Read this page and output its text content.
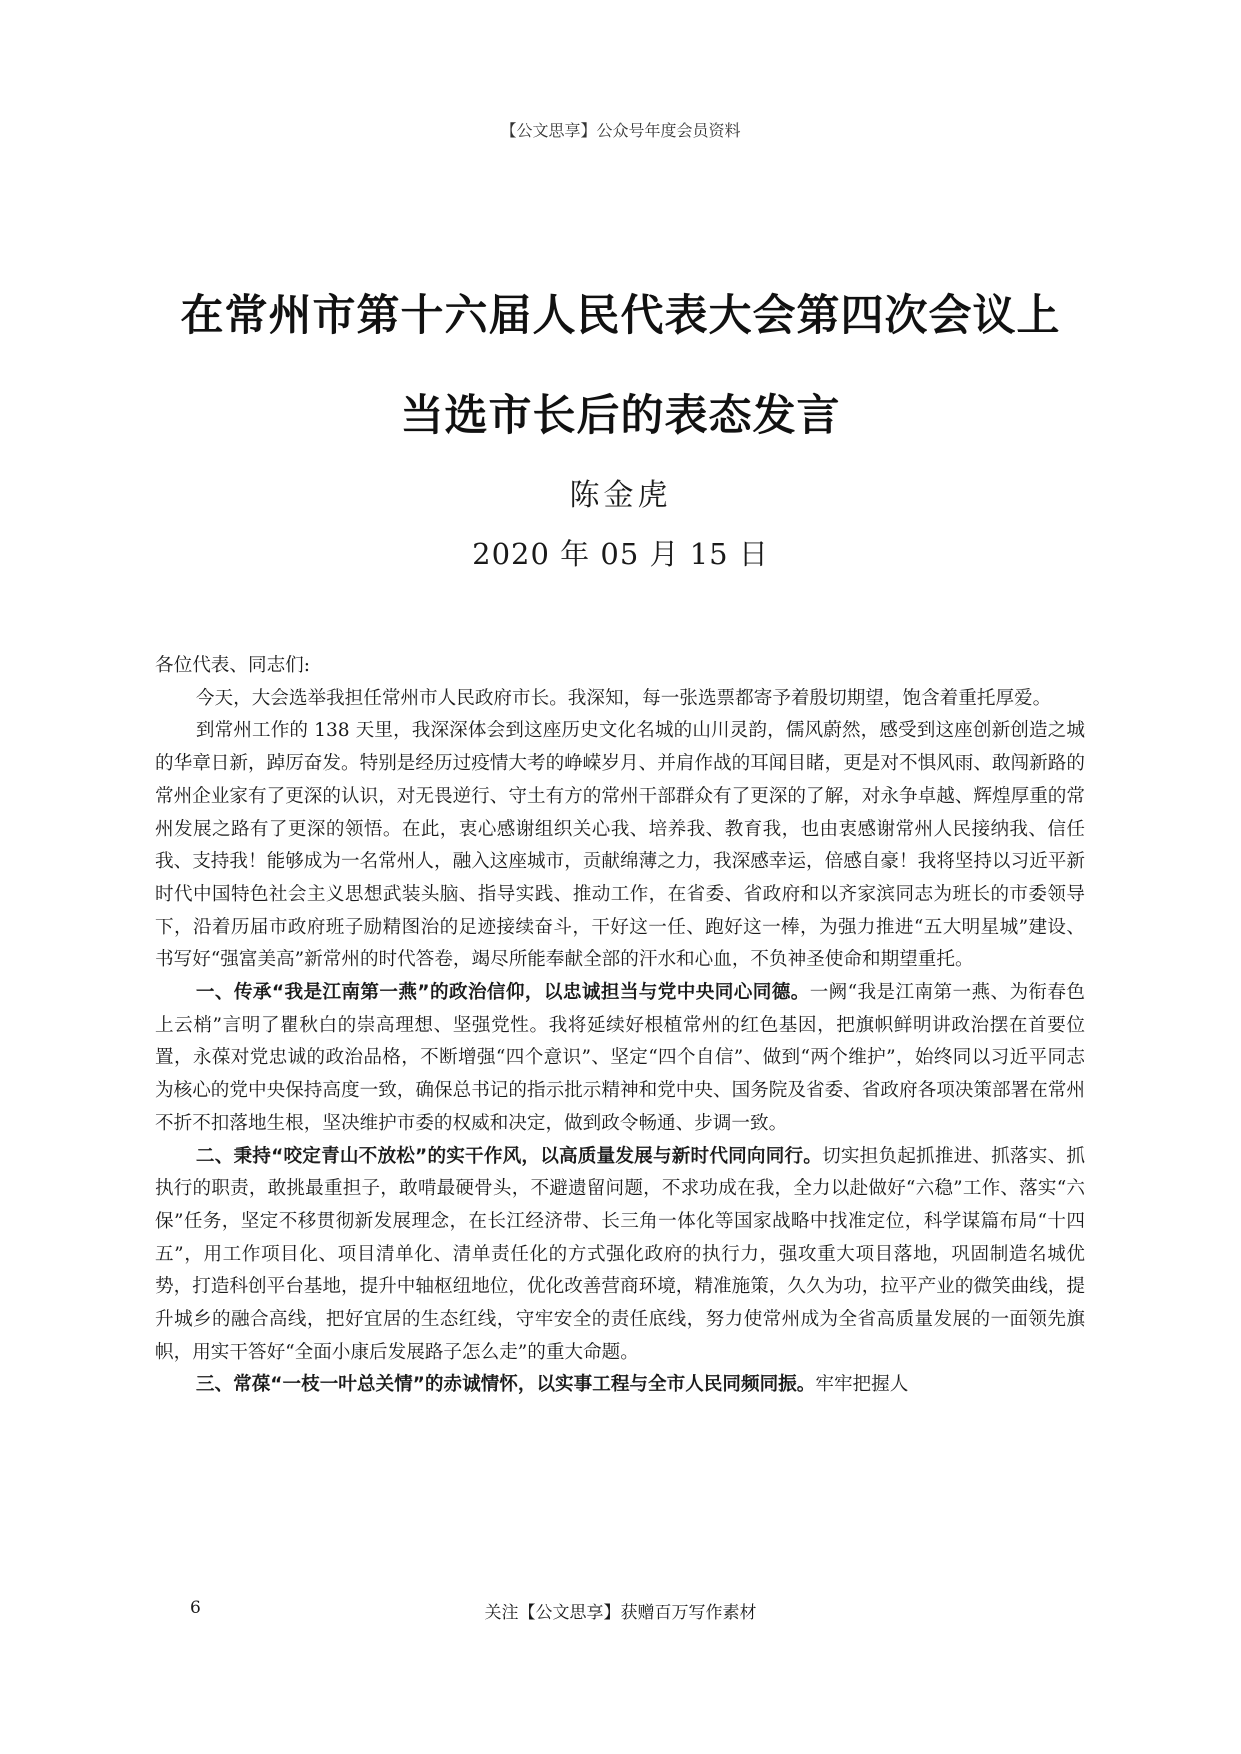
【公文思享】公众号年度会员资料
在常州市第十六届人民代表大会第四次会议上
当选市长后的表态发言
陈金虎
2020 年 05 月 15 日

各位代表、同志们:

今天，大会选举我担任常州市人民政府市长。我深知，每一张选票都寄予着殷切期望，饱含着重托厚爱。

到常州工作的 138 天里，我深深体会到这座历史文化名城的山川灵韵，儒风蔚然，感受到这座创新创造之城的华章日新，踔厉奋发。特别是经历过疫情大考的峥嵘岁月、并肩作战的耳闻目睹，更是对不惧风雨、敢闯新路的常州企业家有了更深的认识，对无畏逆行、守土有方的常州干部群众有了更深的了解，对永争卓越、辉煌厚重的常州发展之路有了更深的领悟。在此，衷心感谢组织关心我、培养我、教育我，也由衷感谢常州人民接纳我、信任我、支持我！能够成为一名常州人，融入这座城市，贡献绵薄之力，我深感幸运，倍感自豪！我将坚持以习近平新时代中国特色社会主义思想武装头脑、指导实践、推动工作，在省委、省政府和以齐家滨同志为班长的市委领导下，沿着历届市政府班子励精图治的足迹接续奋斗，干好这一任、跑好这一棒，为强力推进“五大明星城”建设、书写好“强富美高”新常州的时代答卷，竭尽所能奉献全部的汗水和心血，不负神圣使命和期望重托。

一、传承“我是江南第一燕”的政治信仰，以忠诚担当与党中央同心同德。一阙“我是江南第一燕、为衔春色上云梢”言明了瞿秋白的崇高理想、坚强党性。我将延续好根植常州的红色基因，把旗帜鲜明讲政治摆在首要位置，永葆对党忠诚的政治品格，不断增强“四个意识”、坚定“四个自信”、做到“两个维护”，始终同以习近平同志为核心的党中央保持高度一致，确保总书记的指示批示精神和党中央、国务院及省委、省政府各项决策部署在常州不折不扣落地生根，坚决维护市委的权威和决定，做到政令畅通、步调一致。

二、秉持“咬定青山不放松”的实干作风，以高质量发展与新时代同向同行。切实担负起抓推进、抓落实、抓执行的职责，敢挑最重担子，敢啃最硬骨头，不避遗留问题，不求功成在我，全力以赴做好“六稳”工作、落实“六保”任务，坚定不移贯彻新发展理念，在长江经济带、长三角一体化等国家战略中找准定位，科学谋篇布局“十四五”，用工作项目化、项目清单化、清单责任化的方式强化政府的执行力，强攻重大项目落地，巩固制造名城优势，打造科创平台基地，提升中轴枢纽地位，优化改善营商环境，精准施策，久久为功，拉平产业的微笑曲线，提升城乡的融合高线，把好宜居的生态红线，守牢安全的责任底线，努力使常州成为全省高质量发展的一面领先旗帜，用实干答好“全面小康后发展路子怎么走”的重大命题。

三、常葆“一枝一叶总关情”的赤诚情怀，以实事工程与全市人民同频同振。牢牢把握人

6	关注【公文思享】获赠百万写作素材
